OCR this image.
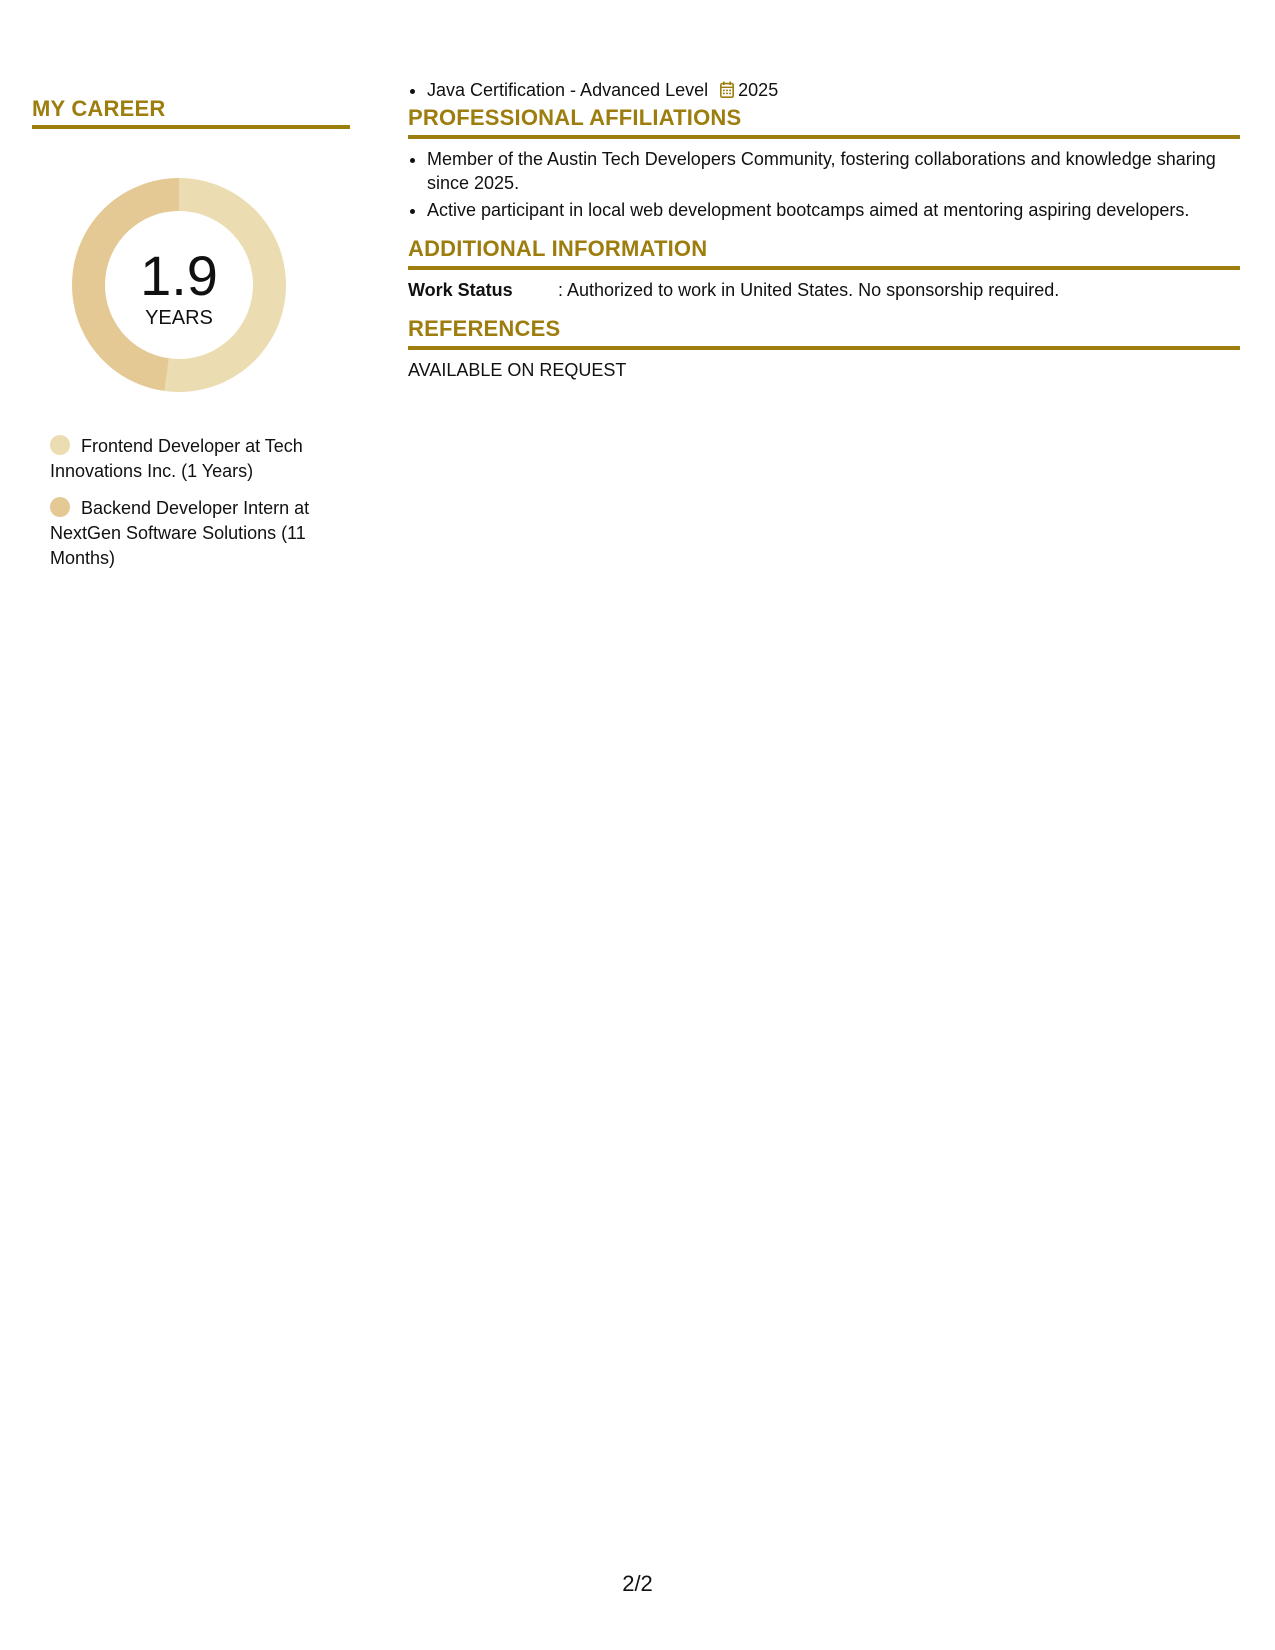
MY CAREER
1.9
YEARS
Frontend Developer at Tech Innovations Inc. (1 Years)
Backend Developer Intern at NextGen Software Solutions (11 Months)
• Java Certification - Advanced Level 2025
PROFESSIONAL AFFILIATIONS
• Member of the Austin Tech Developers Community, fostering collaborations and knowledge sharing since 2025.
• Active participant in local web development bootcamps aimed at mentoring aspiring developers.
ADDITIONAL INFORMATION
Work Status	: Authorized to work in United States. No sponsorship required.
REFERENCES
AVAILABLE ON REQUEST
2/2
